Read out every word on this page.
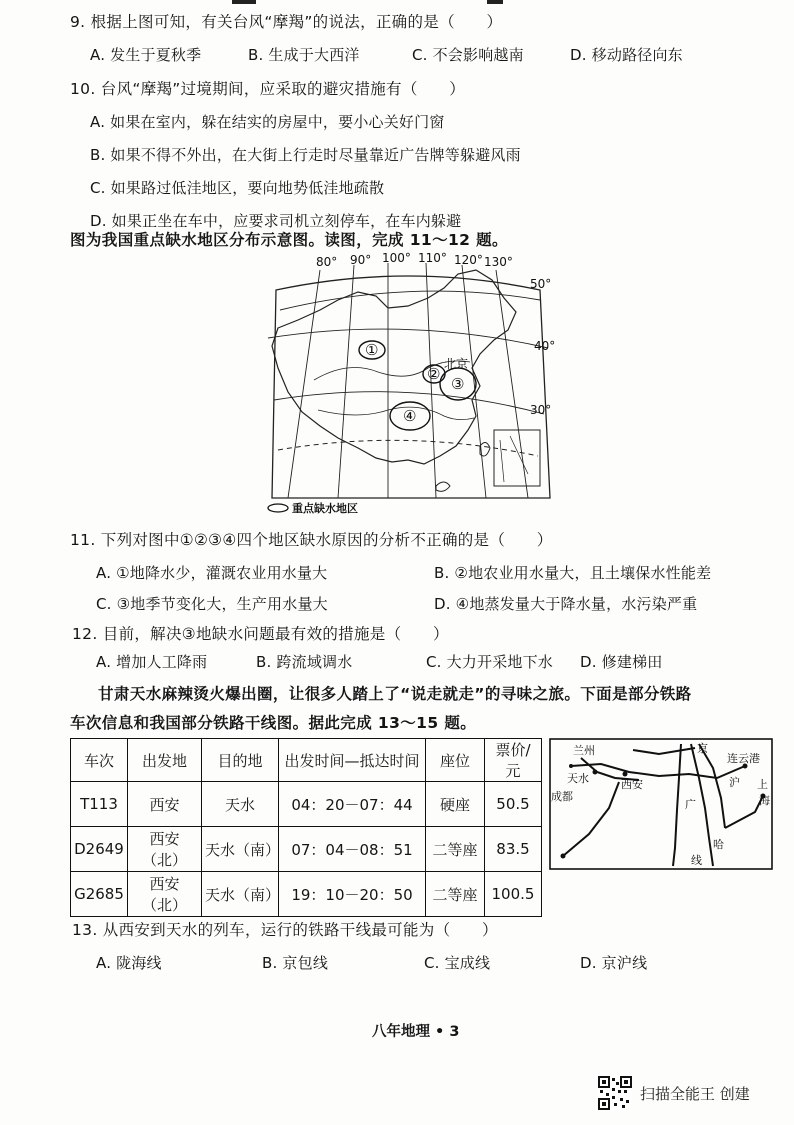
9. 根据上图可知，有关台风“摩羯”的说法，正确的是（　　）
A. 发生于夏秋季	B. 生成于大西洋	C. 不会影响越南	D. 移动路径向东
10. 台风“摩羯”过境期间，应采取的避灾措施有（　　）
A. 如果在室内，躲在结实的房屋中，要小心关好门窗
B. 如果不得不外出，在大街上行走时尽量靠近广告牌等躲避风雨
C. 如果路过低洼地区，要向地势低洼地疏散
D. 如果正坐在车中，应要求司机立刻停车，在车内躲避
图为我国重点缺水地区分布示意图。读图，完成 11～12 题。
80° 90° 100° 110° 120° 130°
50°
40°
30°
①
②
③
④
北京
重点缺水地区
11. 下列对图中①②③④四个地区缺水原因的分析不正确的是（　　）
A. ①地降水少，灌溉农业用水量大	B. ②地农业用水量大，且土壤保水性能差
C. ③地季节变化大，生产用水量大	D. ④地蒸发量大于降水量，水污染严重
12. 目前，解决③地缺水问题最有效的措施是（　　）
A. 增加人工降雨	B. 跨流域调水	C. 大力开采地下水 D. 修建梯田
甘肃天水麻辣烫火爆出圈，让很多人踏上了“说走就走”的寻味之旅。下面是部分铁路
车次信息和我国部分铁路干线图。据此完成 13～15 题。
车次	出发地	目的地	出发时间—抵达时间	座位	票价/元
T113	西安	天水	04：20－07：44	硬座	50.5
D2649	西安（北）	天水（南）	07：04－08：51	二等座	83.5
G2685	西安（北）	天水（南）	19：10－20：50	二等座	100.5
兰州	京
连云港
天水	西安	沪
成都
上
海
广
线
哈
13. 从西安到天水的列车，运行的铁路干线最可能为（　　）
A. 陇海线	B. 京包线	C. 宝成线	D. 京沪线
八年地理 • 3
扫描全能王 创建
